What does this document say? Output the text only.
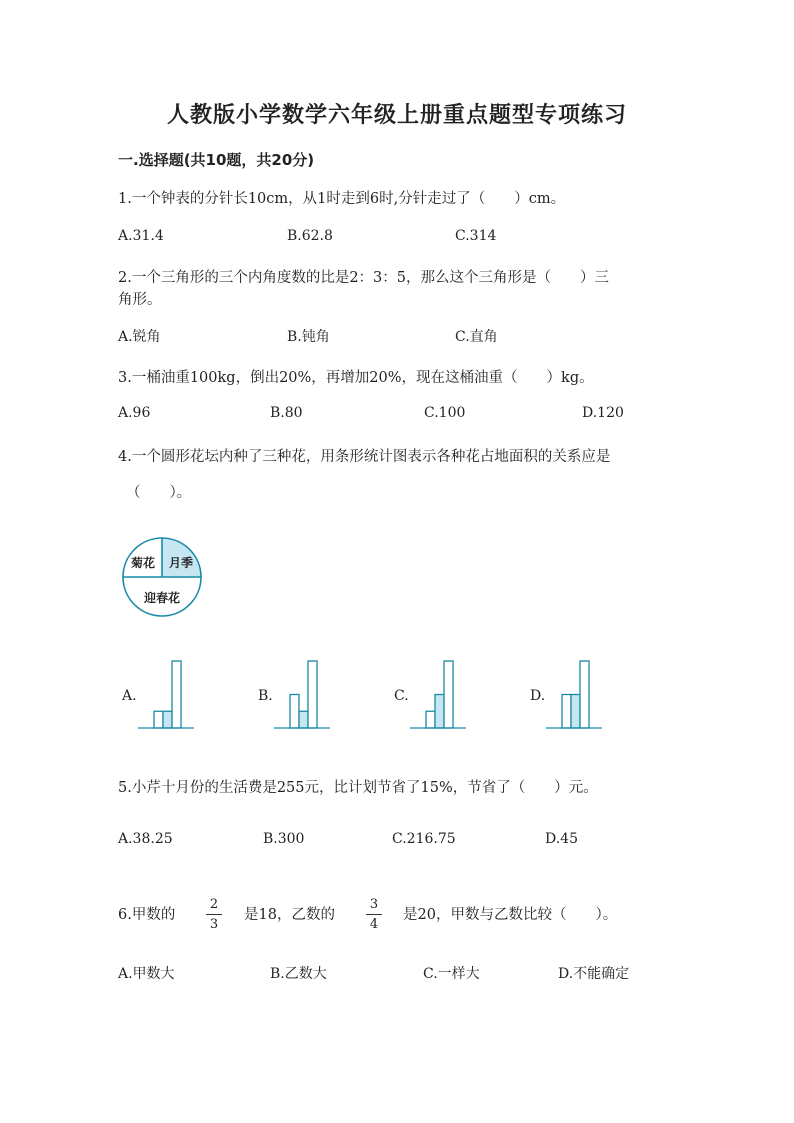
人教版小学数学六年级上册重点题型专项练习
一.选择题(共10题，共20分)
1.一个钟表的分针长10cm，从1时走到6时,分针走过了（　　）cm。
A.31.4	B.62.8	C.314
2.一个三角形的三个内角度数的比是2：3：5，那么这个三角形是（　　）三
角形。
A.锐角	B.钝角	C.直角
3.一桶油重100kg，倒出20%，再增加20%，现在这桶油重（　　）kg。
A.96	B.80	C.100	D.120
4.一个圆形花坛内种了三种花，用条形统计图表示各种花占地面积的关系应是
（　　）。
菊花 月季
迎春花
A.	B.	C.	D.
5.小芹十月份的生活费是255元，比计划节省了15%，节省了（　　）元。
A.38.25	B.300	C.216.75	D.45
6.甲数的
2
3
是18，乙数的
3
4
是20，甲数与乙数比较（　　）。
A.甲数大	B.乙数大	C.一样大	D.不能确定
